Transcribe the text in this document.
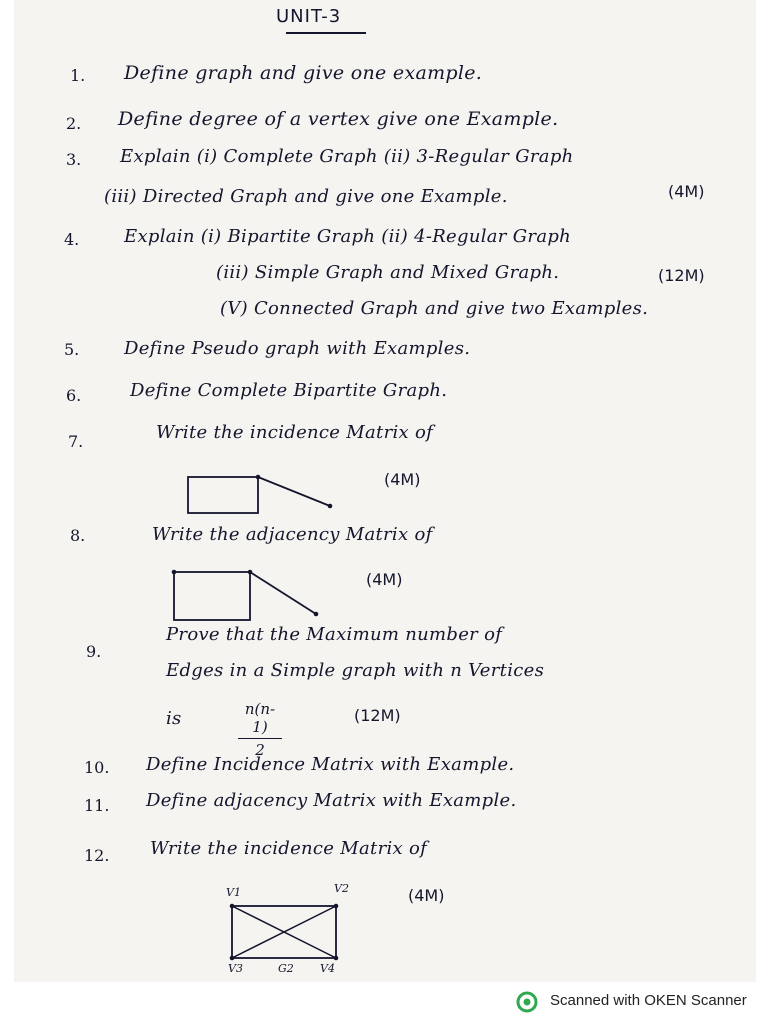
UNIT-3
1. Define graph and give one example.
2. Define degree of a vertex give one Example.
3. Explain (i) Complete Graph (ii) 3-Regular Graph
(iii) Directed Graph and give one Example.	(4M)
4. Explain (i) Bipartite Graph (ii) 4-Regular Graph
(iii) Simple Graph and Mixed Graph.	(12M)
(V) Connected Graph and give two Examples.
5. Define Pseudo graph with Examples.
6.	Define Complete Bipartite Graph.
7.	Write the incidence Matrix of
(4M)
8.	Write the adjacency Matrix of
(4M)
9.
Prove that the Maximum number of
Edges in a Simple graph with n Vertices
is	$\frac{n(n-1)}{2}$	(12M)
10. Define Incidence Matrix with Example.
11. Define adjacency Matrix with Example.
12. Write the incidence Matrix of
(4M)
V1	V2
V3	G2 V4
Scanned with OKEN Scanner
